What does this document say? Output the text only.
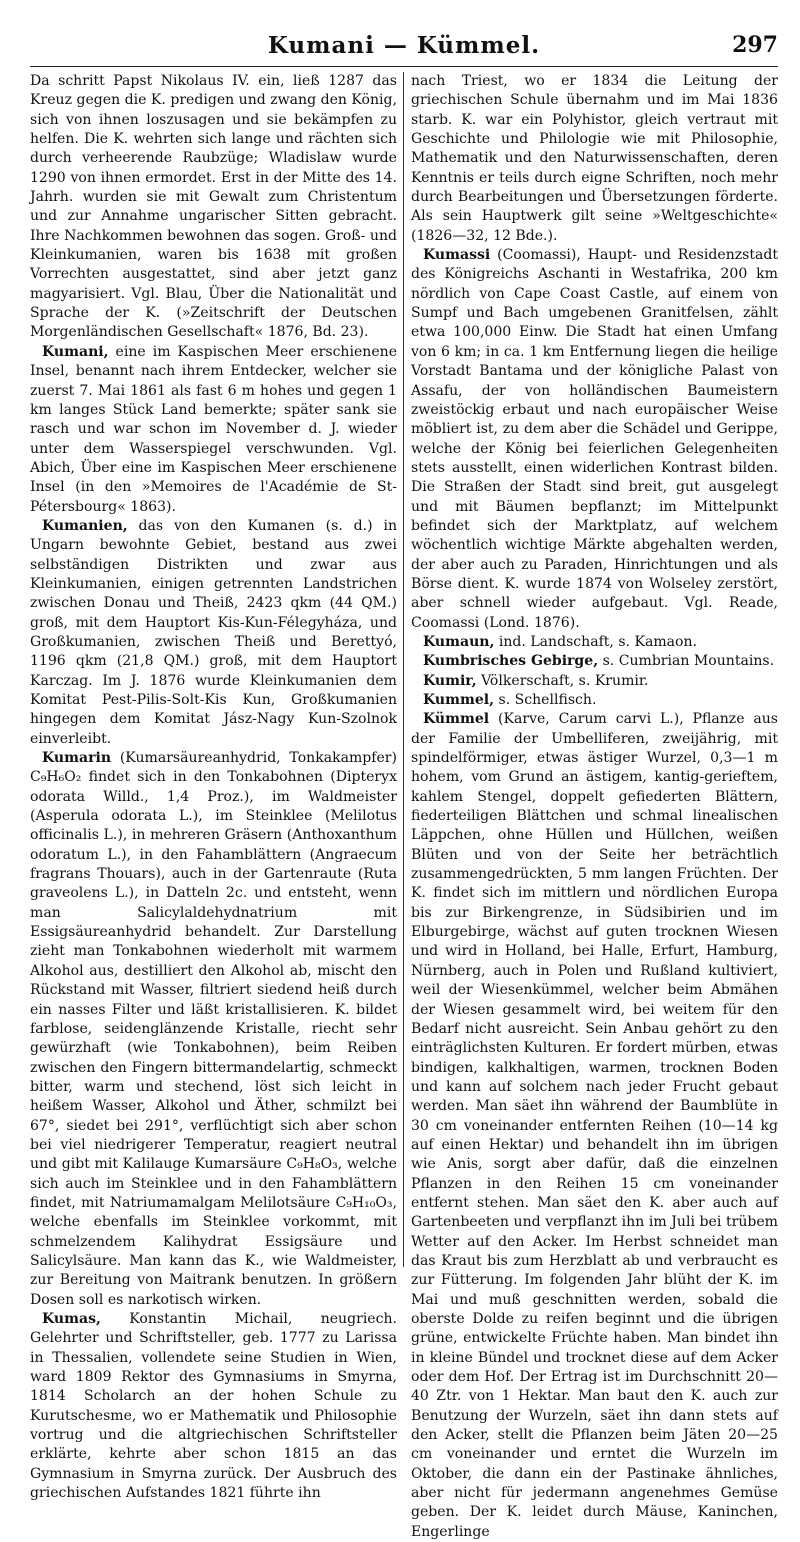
Kumani — Kümmel.	297

Da schritt Papst Nikolaus IV. ein, ließ 1287 das Kreuz gegen die K. predigen und zwang den König, sich von ihnen loszusagen und sie bekämpfen zu helfen. Die K. wehrten sich lange und rächten sich durch verheerende Raubzüge; Wladislaw wurde 1290 von ihnen ermordet. Erst in der Mitte des 14. Jahrh. wurden sie mit Gewalt zum Christentum und zur Annahme ungarischer Sitten gebracht. Ihre Nachkommen bewohnen das sogen. Groß- und Kleinkumanien, waren bis 1638 mit großen Vorrechten ausgestattet, sind aber jetzt ganz magyarisiert. Vgl. Blau, Über die Nationalität und Sprache der K. (»Zeitschrift der Deutschen Morgenländischen Gesellschaft« 1876, Bd. 23).

Kumani, eine im Kaspischen Meer erschienene Insel, benannt nach ihrem Entdecker, welcher sie zuerst 7. Mai 1861 als fast 6 m hohes und gegen 1 km langes Stück Land bemerkte; später sank sie rasch und war schon im November d. J. wieder unter dem Wasserspiegel verschwunden. Vgl. Abich, Über eine im Kaspischen Meer erschienene Insel (in den »Memoires de l'Académie de St-Pétersbourg« 1863).

Kumanien, das von den Kumanen (s. d.) in Ungarn bewohnte Gebiet, bestand aus zwei selbständigen Distrikten und zwar aus Kleinkumanien, einigen getrennten Landstrichen zwischen Donau und Theiß, 2423 qkm (44 QM.) groß, mit dem Hauptort Kis-Kun-Félegyháza, und Großkumanien, zwischen Theiß und Berettyó, 1196 qkm (21,8 QM.) groß, mit dem Hauptort Karczag. Im J. 1876 wurde Kleinkumanien dem Komitat Pest-Pilis-Solt-Kis Kun, Großkumanien hingegen dem Komitat Jász-Nagy Kun-Szolnok einverleibt.

Kumarin (Kumarsäureanhydrid, Tonkakampfer) C₉H₆O₂ findet sich in den Tonkabohnen (Dipteryx odorata Willd., 1,4 Proz.), im Waldmeister (Asperula odorata L.), im Steinklee (Melilotus officinalis L.), in mehreren Gräsern (Anthoxanthum odoratum L.), in den Fahamblättern (Angraecum fragrans Thouars), auch in der Gartenraute (Ruta graveolens L.), in Datteln 2c. und entsteht, wenn man Salicylaldehydnatrium mit Essigsäureanhydrid behandelt. Zur Darstellung zieht man Tonkabohnen wiederholt mit warmem Alkohol aus, destilliert den Alkohol ab, mischt den Rückstand mit Wasser, filtriert siedend heiß durch ein nasses Filter und läßt kristallisieren. K. bildet farblose, seidenglänzende Kristalle, riecht sehr gewürzhaft (wie Tonkabohnen), beim Reiben zwischen den Fingern bittermandelartig, schmeckt bitter, warm und stechend, löst sich leicht in heißem Wasser, Alkohol und Äther, schmilzt bei 67°, siedet bei 291°, verflüchtigt sich aber schon bei viel niedrigerer Temperatur, reagiert neutral und gibt mit Kalilauge Kumarsäure C₉H₈O₃, welche sich auch im Steinklee und in den Fahamblättern findet, mit Natriumamalgam Melilotsäure C₉H₁₀O₃, welche ebenfalls im Steinklee vorkommt, mit schmelzendem Kalihydrat Essigsäure und Salicylsäure. Man kann das K., wie Waldmeister, zur Bereitung von Maitrank benutzen. In größern Dosen soll es narkotisch wirken.

Kumas, Konstantin Michail, neugriech. Gelehrter und Schriftsteller, geb. 1777 zu Larissa in Thessalien, vollendete seine Studien in Wien, ward 1809 Rektor des Gymnasiums in Smyrna, 1814 Scholarch an der hohen Schule zu Kurutschesme, wo er Mathematik und Philosophie vortrug und die altgriechischen Schriftsteller erklärte, kehrte aber schon 1815 an das Gymnasium in Smyrna zurück. Der Ausbruch des griechischen Aufstandes 1821 führte ihn

nach Triest, wo er 1834 die Leitung der griechischen Schule übernahm und im Mai 1836 starb. K. war ein Polyhistor, gleich vertraut mit Geschichte und Philologie wie mit Philosophie, Mathematik und den Naturwissenschaften, deren Kenntnis er teils durch eigne Schriften, noch mehr durch Bearbeitungen und Übersetzungen förderte. Als sein Hauptwerk gilt seine »Weltgeschichte« (1826—32, 12 Bde.).

Kumassi (Coomassi), Haupt- und Residenzstadt des Königreichs Aschanti in Westafrika, 200 km nördlich von Cape Coast Castle, auf einem von Sumpf und Bach umgebenen Granitfelsen, zählt etwa 100,000 Einw. Die Stadt hat einen Umfang von 6 km; in ca. 1 km Entfernung liegen die heilige Vorstadt Bantama und der königliche Palast von Assafu, der von holländischen Baumeistern zweistöckig erbaut und nach europäischer Weise möbliert ist, zu dem aber die Schädel und Gerippe, welche der König bei feierlichen Gelegenheiten stets ausstellt, einen widerlichen Kontrast bilden. Die Straßen der Stadt sind breit, gut ausgelegt und mit Bäumen bepflanzt; im Mittelpunkt befindet sich der Marktplatz, auf welchem wöchentlich wichtige Märkte abgehalten werden, der aber auch zu Paraden, Hinrichtungen und als Börse dient. K. wurde 1874 von Wolseley zerstört, aber schnell wieder aufgebaut. Vgl. Reade, Coomassi (Lond. 1876).

Kumaun, ind. Landschaft, s. Kamaon.

Kumbrisches Gebirge, s. Cumbrian Mountains.

Kumir, Völkerschaft, s. Krumir.

Kummel, s. Schellfisch.

Kümmel (Karve, Carum carvi L.), Pflanze aus der Familie der Umbelliferen, zweijährig, mit spindelförmiger, etwas ästiger Wurzel, 0,3—1 m hohem, vom Grund an ästigem, kantig-gerieftem, kahlem Stengel, doppelt gefiederten Blättern, fiederteiligen Blättchen und schmal linealischen Läppchen, ohne Hüllen und Hüllchen, weißen Blüten und von der Seite her beträchtlich zusammengedrückten, 5 mm langen Früchten. Der K. findet sich im mittlern und nördlichen Europa bis zur Birkengrenze, in Südsibirien und im Elburgebirge, wächst auf guten trocknen Wiesen und wird in Holland, bei Halle, Erfurt, Hamburg, Nürnberg, auch in Polen und Rußland kultiviert, weil der Wiesenkümmel, welcher beim Abmähen der Wiesen gesammelt wird, bei weitem für den Bedarf nicht ausreicht. Sein Anbau gehört zu den einträglichsten Kulturen. Er fordert mürben, etwas bindigen, kalkhaltigen, warmen, trocknen Boden und kann auf solchem nach jeder Frucht gebaut werden. Man säet ihn während der Baumblüte in 30 cm voneinander entfernten Reihen (10—14 kg auf einen Hektar) und behandelt ihn im übrigen wie Anis, sorgt aber dafür, daß die einzelnen Pflanzen in den Reihen 15 cm voneinander entfernt stehen. Man säet den K. aber auch auf Gartenbeeten und verpflanzt ihn im Juli bei trübem Wetter auf den Acker. Im Herbst schneidet man das Kraut bis zum Herzblatt ab und verbraucht es zur Fütterung. Im folgenden Jahr blüht der K. im Mai und muß geschnitten werden, sobald die oberste Dolde zu reifen beginnt und die übrigen grüne, entwickelte Früchte haben. Man bindet ihn in kleine Bündel und trocknet diese auf dem Acker oder dem Hof. Der Ertrag ist im Durchschnitt 20—40 Ztr. von 1 Hektar. Man baut den K. auch zur Benutzung der Wurzeln, säet ihn dann stets auf den Acker, stellt die Pflanzen beim Jäten 20—25 cm voneinander und erntet die Wurzeln im Oktober, die dann ein der Pastinake ähnliches, aber nicht für jedermann angenehmes Gemüse geben. Der K. leidet durch Mäuse, Kaninchen, Engerlinge
